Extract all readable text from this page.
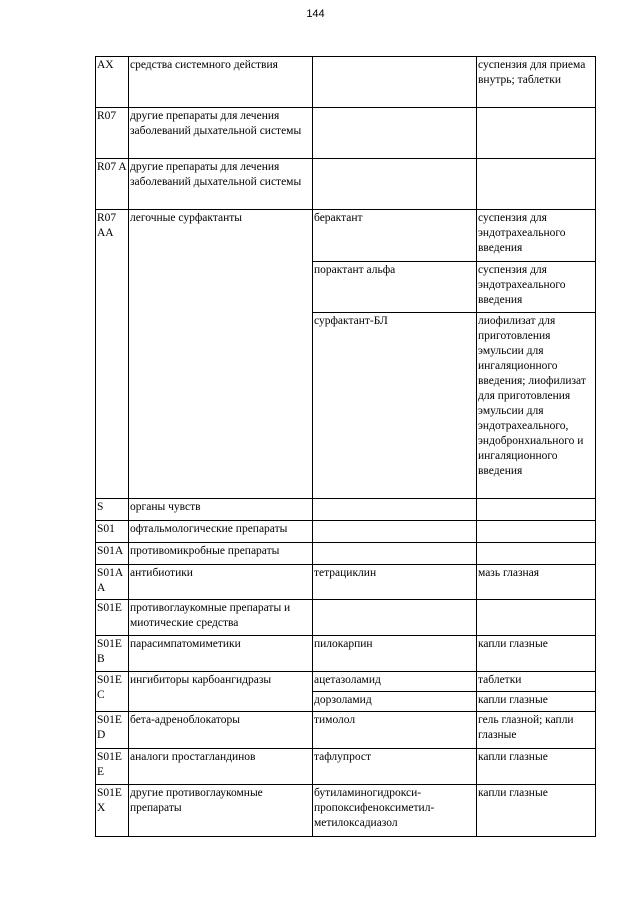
144
AX	средства системного действия		суспензия для приема внутрь; таблетки
R07	другие препараты для лечения заболеваний дыхательной системы		
R07 A	другие препараты для лечения заболеваний дыхательной системы		
R07 AA	легочные сурфактанты	берактант	суспензия для эндотрахеального введения
		порактант альфа	суспензия для эндотрахеального введения
		сурфактант-БЛ	лиофилизат для приготовления эмульсии для ингаляционного введения; лиофилизат для приготовления эмульсии для эндотрахеального, эндобронхиального и ингаляционного введения
S	органы чувств		
S01	офтальмологические препараты		
S01A	противомикробные препараты		
S01A A	антибиотики	тетрациклин	мазь глазная
S01E	противоглаукомные препараты и миотические средства		
S01E B	парасимпатомиметики	пилокарпин	капли глазные
S01E C	ингибиторы карбоангидразы	ацетазоламид	таблетки
		дорзоламид	капли глазные
S01E D	бета-адреноблокаторы	тимолол	гель глазной; капли глазные
S01E E	аналоги простагландинов	тафлупрост	капли глазные
S01E X	другие противоглаукомные препараты	бутиламиногидрокси-пропоксифеноксиметил-метилоксадиазол	капли глазные
